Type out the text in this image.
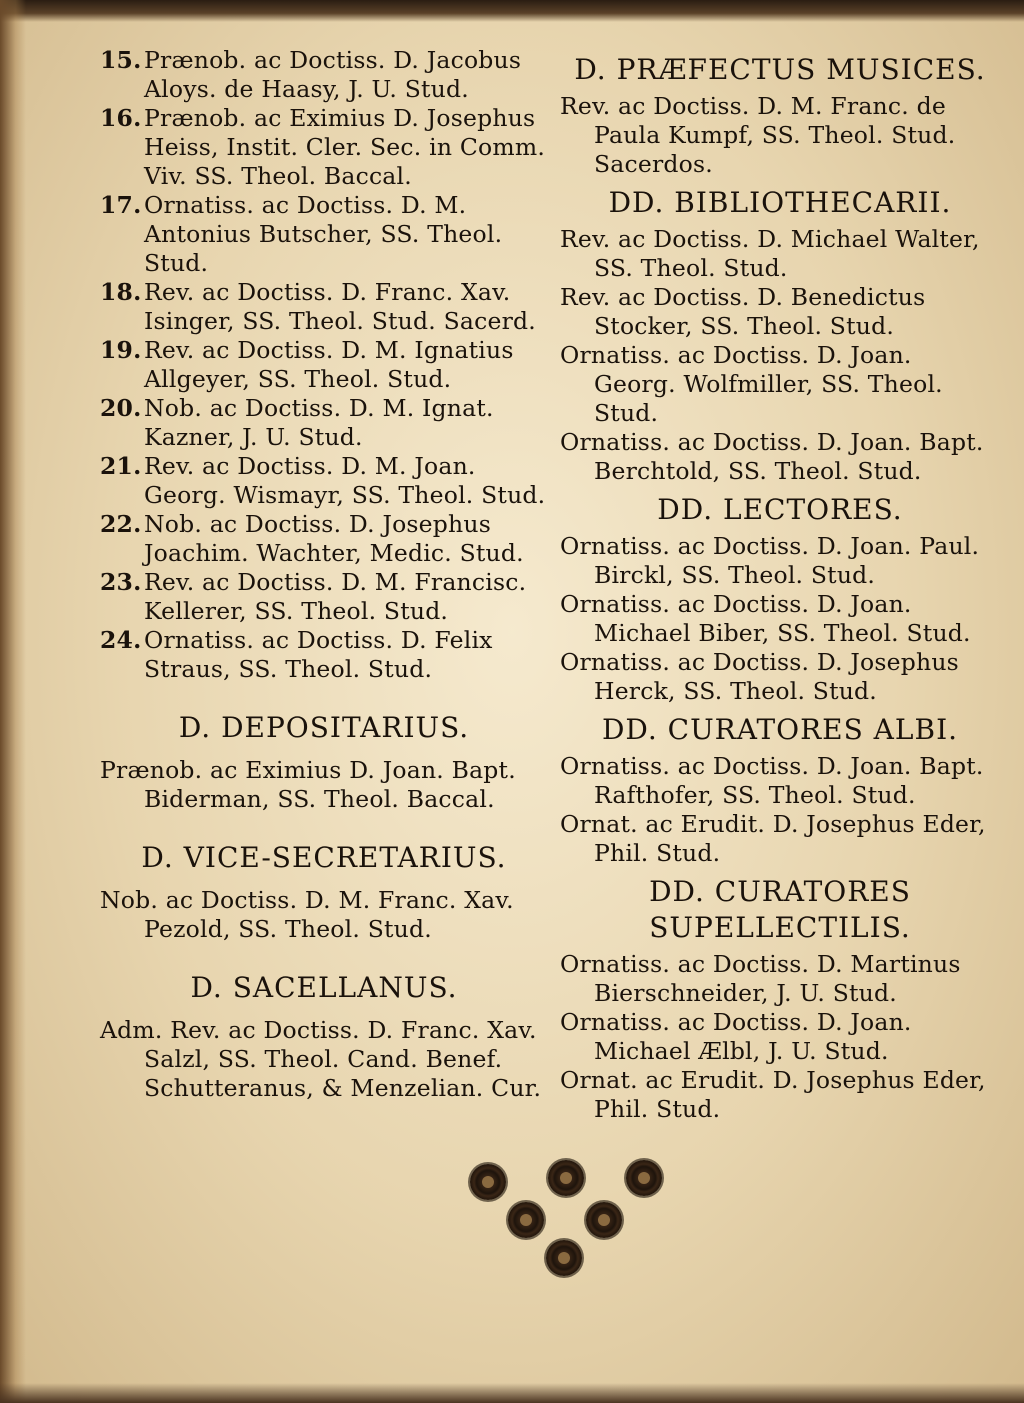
15. Prænob. ac Doctiss. D. Jacobus Aloys. de Haasy, J. U. Stud.
16. Prænob. ac Eximius D. Josephus Heiss, Instit. Cler. Sec. in Comm. Viv. SS. Theol. Baccal.
17. Ornatiss. ac Doctiss. D. M. Antonius Butscher, SS. Theol. Stud.
18. Rev. ac Doctiss. D. Franc. Xav. Isinger, SS. Theol. Stud. Sacerd.
19. Rev. ac Doctiss. D. M. Ignatius Allgeyer, SS. Theol. Stud.
20. Nob. ac Doctiss. D. M. Ignat. Kazner, J. U. Stud.
21. Rev. ac Doctiss. D. M. Joan. Georg. Wismayr, SS. Theol. Stud.
22. Nob. ac Doctiss. D. Josephus Joachim. Wachter, Medic. Stud.
23. Rev. ac Doctiss. D. M. Francisc. Kellerer, SS. Theol. Stud.
24. Ornatiss. ac Doctiss. D. Felix Straus, SS. Theol. Stud.
D. DEPOSITARIUS.
Prænob. ac Eximius D. Joan. Bapt. Biderman, SS. Theol. Baccal.
D. VICE-SECRETARIUS.
Nob. ac Doctiss. D. M. Franc. Xav. Pezold, SS. Theol. Stud.
D. SACELLANUS.
Adm. Rev. ac Doctiss. D. Franc. Xav. Salzl, SS. Theol. Cand. Benef. Schutteranus, & Menzelian. Cur.
D. PRÆFECTUS MUSICES.
Rev. ac Doctiss. D. M. Franc. de Paula Kumpf, SS. Theol. Stud. Sacerdos.
DD. BIBLIOTHECARII.
Rev. ac Doctiss. D. Michael Walter, SS. Theol. Stud.
Rev. ac Doctiss. D. Benedictus Stocker, SS. Theol. Stud.
Ornatiss. ac Doctiss. D. Joan. Georg. Wolfmiller, SS. Theol. Stud.
Ornatiss. ac Doctiss. D. Joan. Bapt. Berchtold, SS. Theol. Stud.
DD. LECTORES.
Ornatiss. ac Doctiss. D. Joan. Paul. Birckl, SS. Theol. Stud.
Ornatiss. ac Doctiss. D. Joan. Michael Biber, SS. Theol. Stud.
Ornatiss. ac Doctiss. D. Josephus Herck, SS. Theol. Stud.
DD. CURATORES ALBI.
Ornatiss. ac Doctiss. D. Joan. Bapt. Rafthofer, SS. Theol. Stud.
Ornat. ac Erudit. D. Josephus Eder, Phil. Stud.
DD. CURATORES SUPELLECTILIS.
Ornatiss. ac Doctiss. D. Martinus Bierschneider, J. U. Stud.
Ornatiss. ac Doctiss. D. Joan. Michael Ælbl, J. U. Stud.
Ornat. ac Erudit. D. Josephus Eder, Phil. Stud.
